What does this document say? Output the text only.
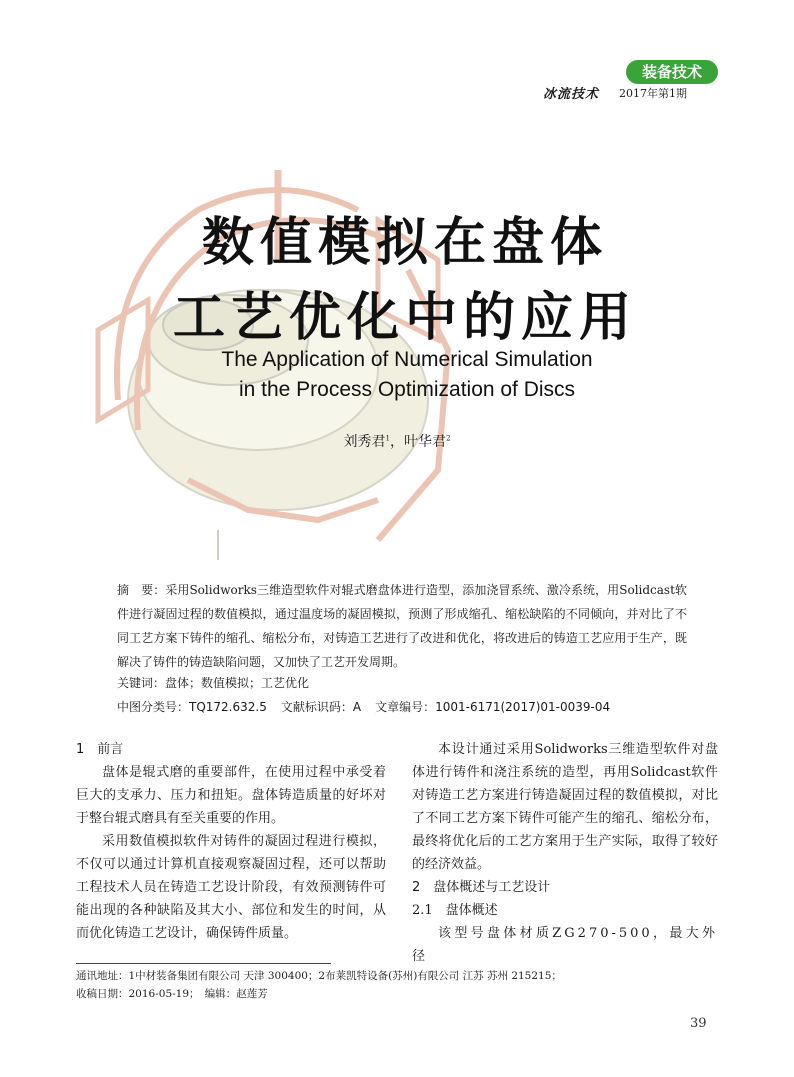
装备技术
冰流技术 2017年第1期
数值模拟在盘体
工艺优化中的应用
The Application of Numerical Simulation
in the Process Optimization of Discs
刘秀君$^1$，叶华君$^2$
摘　要：采用Solidworks三维造型软件对辊式磨盘体进行造型，添加浇冒系统、激冷系统，用Solidcast软件进行凝固过程的数值模拟，通过温度场的凝固模拟，预测了形成缩孔、缩松缺陷的不同倾向，并对比了不同工艺方案下铸件的缩孔、缩松分布，对铸造工艺进行了改进和优化，将改进后的铸造工艺应用于生产，既解决了铸件的铸造缺陷问题，又加快了工艺开发周期。
关键词：盘体；数值模拟；工艺优化
中图分类号：TQ172.632.5 文献标识码：A 文章编号：1001-6171(2017)01-0039-04

1　前言

盘体是辊式磨的重要部件，在使用过程中承受着巨大的支承力、压力和扭矩。盘体铸造质量的好坏对于整台辊式磨具有至关重要的作用。

采用数值模拟软件对铸件的凝固过程进行模拟，不仅可以通过计算机直接观察凝固过程，还可以帮助工程技术人员在铸造工艺设计阶段，有效预测铸件可能出现的各种缺陷及其大小、部位和发生的时间，从而优化铸造工艺设计，确保铸件质量。

本设计通过采用Solidworks三维造型软件对盘体进行铸件和浇注系统的造型，再用Solidcast软件对铸造工艺方案进行铸造凝固过程的数值模拟，对比了不同工艺方案下铸件可能产生的缩孔、缩松分布，最终将优化后的工艺方案用于生产实际，取得了较好的经济效益。

2　盘体概述与工艺设计

2.1　盘体概述

该型号盘体材质ZG270-500，最大外径

通讯地址：1中材装备集团有限公司 天津 300400；2布莱凯特设备(苏州)有限公司 江苏 苏州 215215；
收稿日期：2016-05-19；　编辑：赵莲芳
39
